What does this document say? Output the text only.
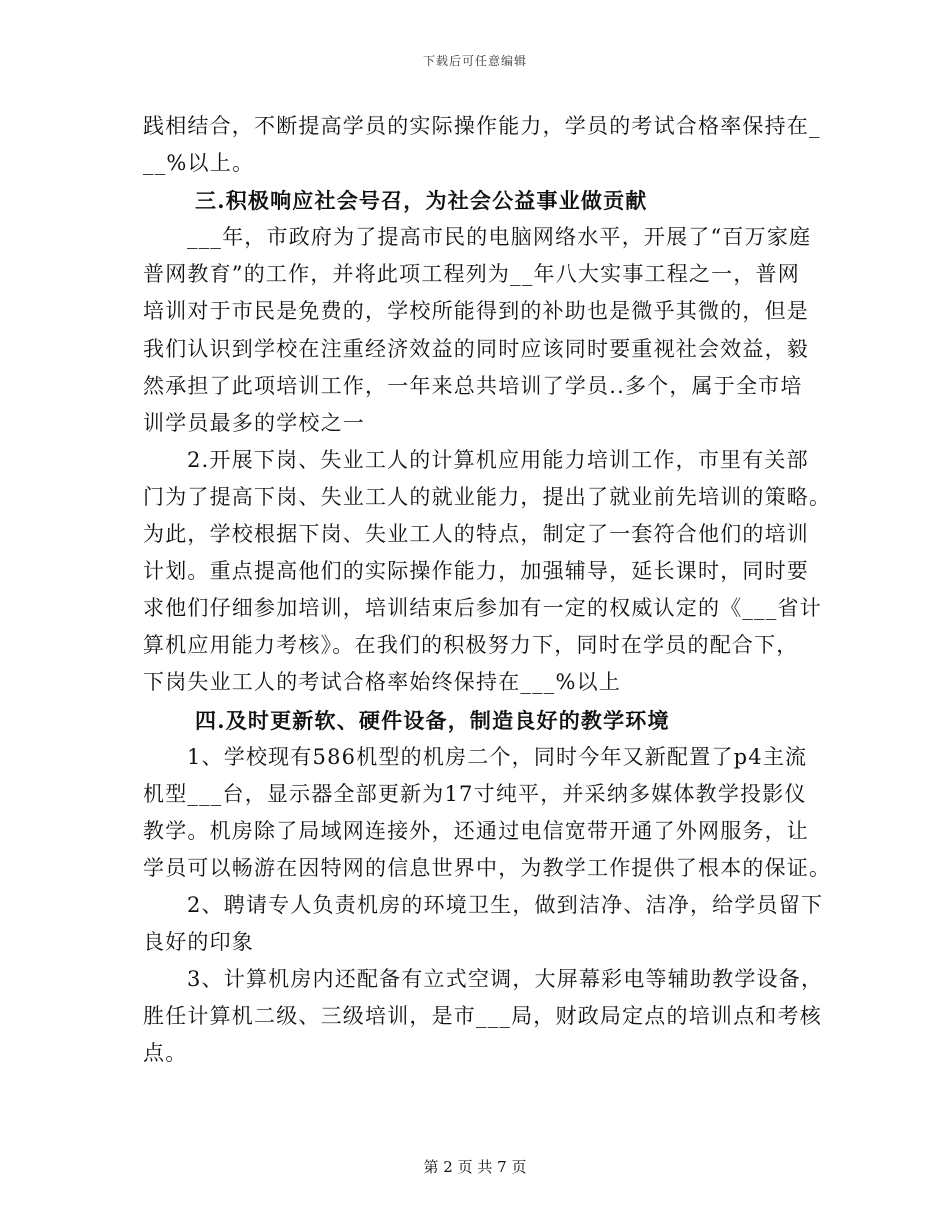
下载后可任意编辑
践相结合，不断提高学员的实际操作能力，学员的考试合格率保持在_
__%以上。
三.积极响应社会号召，为社会公益事业做贡献
___年，市政府为了提高市民的电脑网络水平，开展了“百万家庭
普网教育”的工作，并将此项工程列为__年八大实事工程之一，普网
培训对于市民是免费的，学校所能得到的补助也是微乎其微的，但是
我们认识到学校在注重经济效益的同时应该同时要重视社会效益，毅
然承担了此项培训工作，一年来总共培训了学员..多个，属于全市培
训学员最多的学校之一
2.开展下岗、失业工人的计算机应用能力培训工作，市里有关部
门为了提高下岗、失业工人的就业能力，提出了就业前先培训的策略。
为此，学校根据下岗、失业工人的特点，制定了一套符合他们的培训
计划。重点提高他们的实际操作能力，加强辅导，延长课时，同时要
求他们仔细参加培训，培训结束后参加有一定的权威认定的《___省计
算机应用能力考核》。在我们的积极努力下，同时在学员的配合下，
下岗失业工人的考试合格率始终保持在___%以上
四.及时更新软、硬件设备，制造良好的教学环境
1、学校现有586机型的机房二个，同时今年又新配置了p4主流
机型___台，显示器全部更新为17寸纯平，并采纳多媒体教学投影仪
教学。机房除了局域网连接外，还通过电信宽带开通了外网服务，让
学员可以畅游在因特网的信息世界中，为教学工作提供了根本的保证。
2、聘请专人负责机房的环境卫生，做到洁净、洁净，给学员留下
良好的印象
3、计算机房内还配备有立式空调，大屏幕彩电等辅助教学设备，
胜任计算机二级、三级培训，是市___局，财政局定点的培训点和考核
点。
第 2 页 共 7 页
